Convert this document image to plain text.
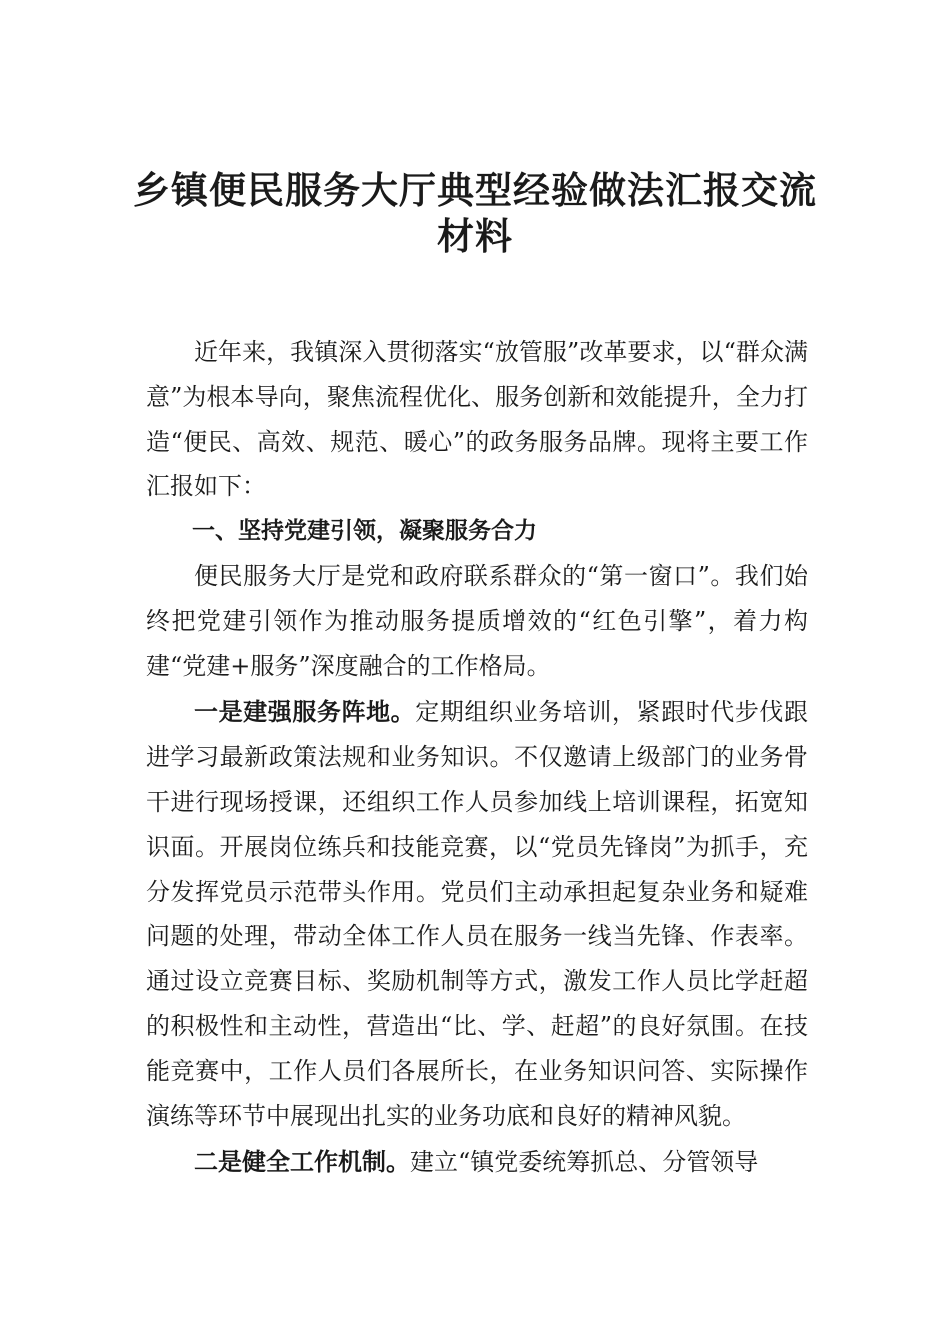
乡镇便民服务大厅典型经验做法汇报交流
材料

近年来，我镇深入贯彻落实“放管服”改革要求，以“群众满意”为根本导向，聚焦流程优化、服务创新和效能提升，全力打造“便民、高效、规范、暖心”的政务服务品牌。现将主要工作汇报如下：

一、坚持党建引领，凝聚服务合力

便民服务大厅是党和政府联系群众的“第一窗口”。我们始终把党建引领作为推动服务提质增效的“红色引擎”，着力构建“党建+服务”深度融合的工作格局。

一是建强服务阵地。定期组织业务培训，紧跟时代步伐跟进学习最新政策法规和业务知识。不仅邀请上级部门的业务骨干进行现场授课，还组织工作人员参加线上培训课程，拓宽知识面。开展岗位练兵和技能竞赛，以“党员先锋岗”为抓手，充分发挥党员示范带头作用。党员们主动承担起复杂业务和疑难问题的处理，带动全体工作人员在服务一线当先锋、作表率。通过设立竞赛目标、奖励机制等方式，激发工作人员比学赶超的积极性和主动性，营造出“比、学、赶超”的良好氛围。在技能竞赛中，工作人员们各展所长，在业务知识问答、实际操作演练等环节中展现出扎实的业务功底和良好的精神风貌。

二是健全工作机制。建立“镇党委统筹抓总、分管领导
